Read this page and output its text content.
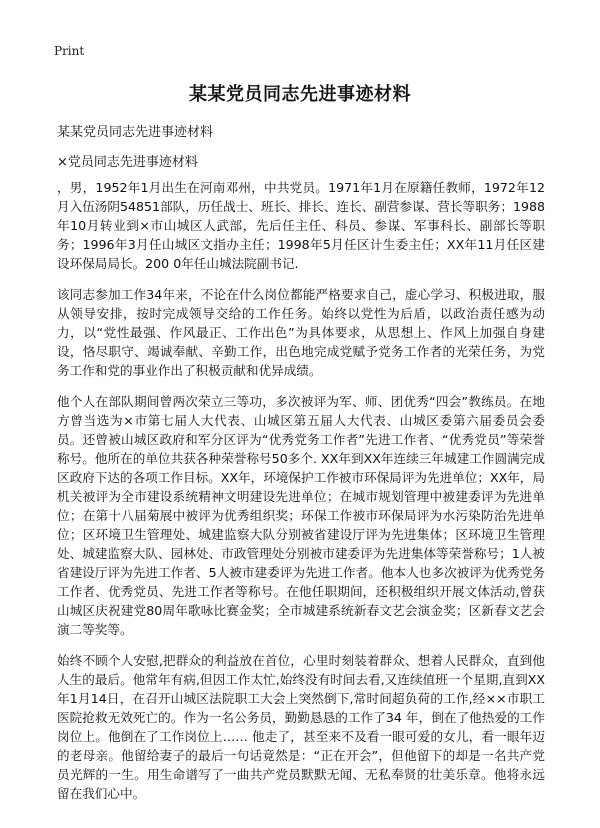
Print
某某党员同志先进事迹材料

某某党员同志先进事迹材料

×党员同志先进事迹材料

，男，1952年1月出生在河南邓州，中共党员。1971年1月在原籍任教师，1972年12月入伍汤阴54851部队，历任战士、班长、排长、连长、副营参谋、营长等职务；1988年10月转业到×市山城区人武部，先后任主任、科员、参谋、军事科长、副部长等职务；1996年3月任山城区文指办主任；1998年5月任区计生委主任；XX年11月任区建设环保局局长。200 0年任山城法院副书记.

该同志参加工作34年来，不论在什么岗位都能严格要求自己，虚心学习、积极进取，服从领导安排，按时完成领导交给的工作任务。始终以党性为后盾，以政治责任感为动力，以“党性最强、作风最正、工作出色”为具体要求，从思想上、作风上加强自身建设，恪尽职守、竭诚奉献、辛勤工作，出色地完成党赋予党务工作者的光荣任务，为党务工作和党的事业作出了积极贡献和优异成绩。

他个人在部队期间曾两次荣立三等功，多次被评为军、师、团优秀“四会”教练员。在地方曾当选为×市第七届人大代表、山城区第五届人大代表、山城区委第六届委员会委员。还曾被山城区政府和军分区评为“优秀党务工作者”先进工作者、“优秀党员”等荣誉称号。他所在的单位共获各种荣誉称号50多个. XX年到XX年连续三年城建工作圆满完成区政府下达的各项工作目标。XX年，环境保护工作被市环保局评为先进单位；XX年，局机关被评为全市建设系统精神文明建设先进单位；在城市规划管理中被建委评为先进单位；在第十八届菊展中被评为优秀组织奖；环保工作被市环保局评为水污染防治先进单位；区环境卫生管理处、城建监察大队分别被省建设厅评为先进集体；区环境卫生管理处、城建监察大队、园林处、市政管理处分别被市建委评为先进集体等荣誉称号；1人被省建设厅评为先进工作者、5人被市建委评为先进工作者。他本人也多次被评为优秀党务工作者、优秀党员、先进工作者等称号。在他任职期间，还积极组织开展文体活动,曾获山城区庆祝建党80周年歌咏比赛金奖；全市城建系统新春文艺会演金奖；区新春文艺会演二等奖等。

始终不顾个人安慰,把群众的利益放在首位，心里时刻装着群众、想着人民群众，直到他人生的最后。他常年有病,但因工作太忙,始终没有时间去看,又连续值班一个星期,直到XX年1月14日，在召开山城区法院职工大会上突然倒下,常时间超负荷的工作,经××市职工医院抢救无效死亡的。作为一名公务员，勤勤恳恳的工作了34 年，倒在了他热爱的工作岗位上。他倒在了工作岗位上…… 他走了，甚至来不及看一眼可爱的女儿，看一眼年迈的老母亲。他留给妻子的最后一句话竟然是：“正在开会”，但他留下的却是一名共产党员光辉的一生。用生命谱写了一曲共产党员默默无闻、无私奉贤的壮美乐章。他将永远留在我们心中。
